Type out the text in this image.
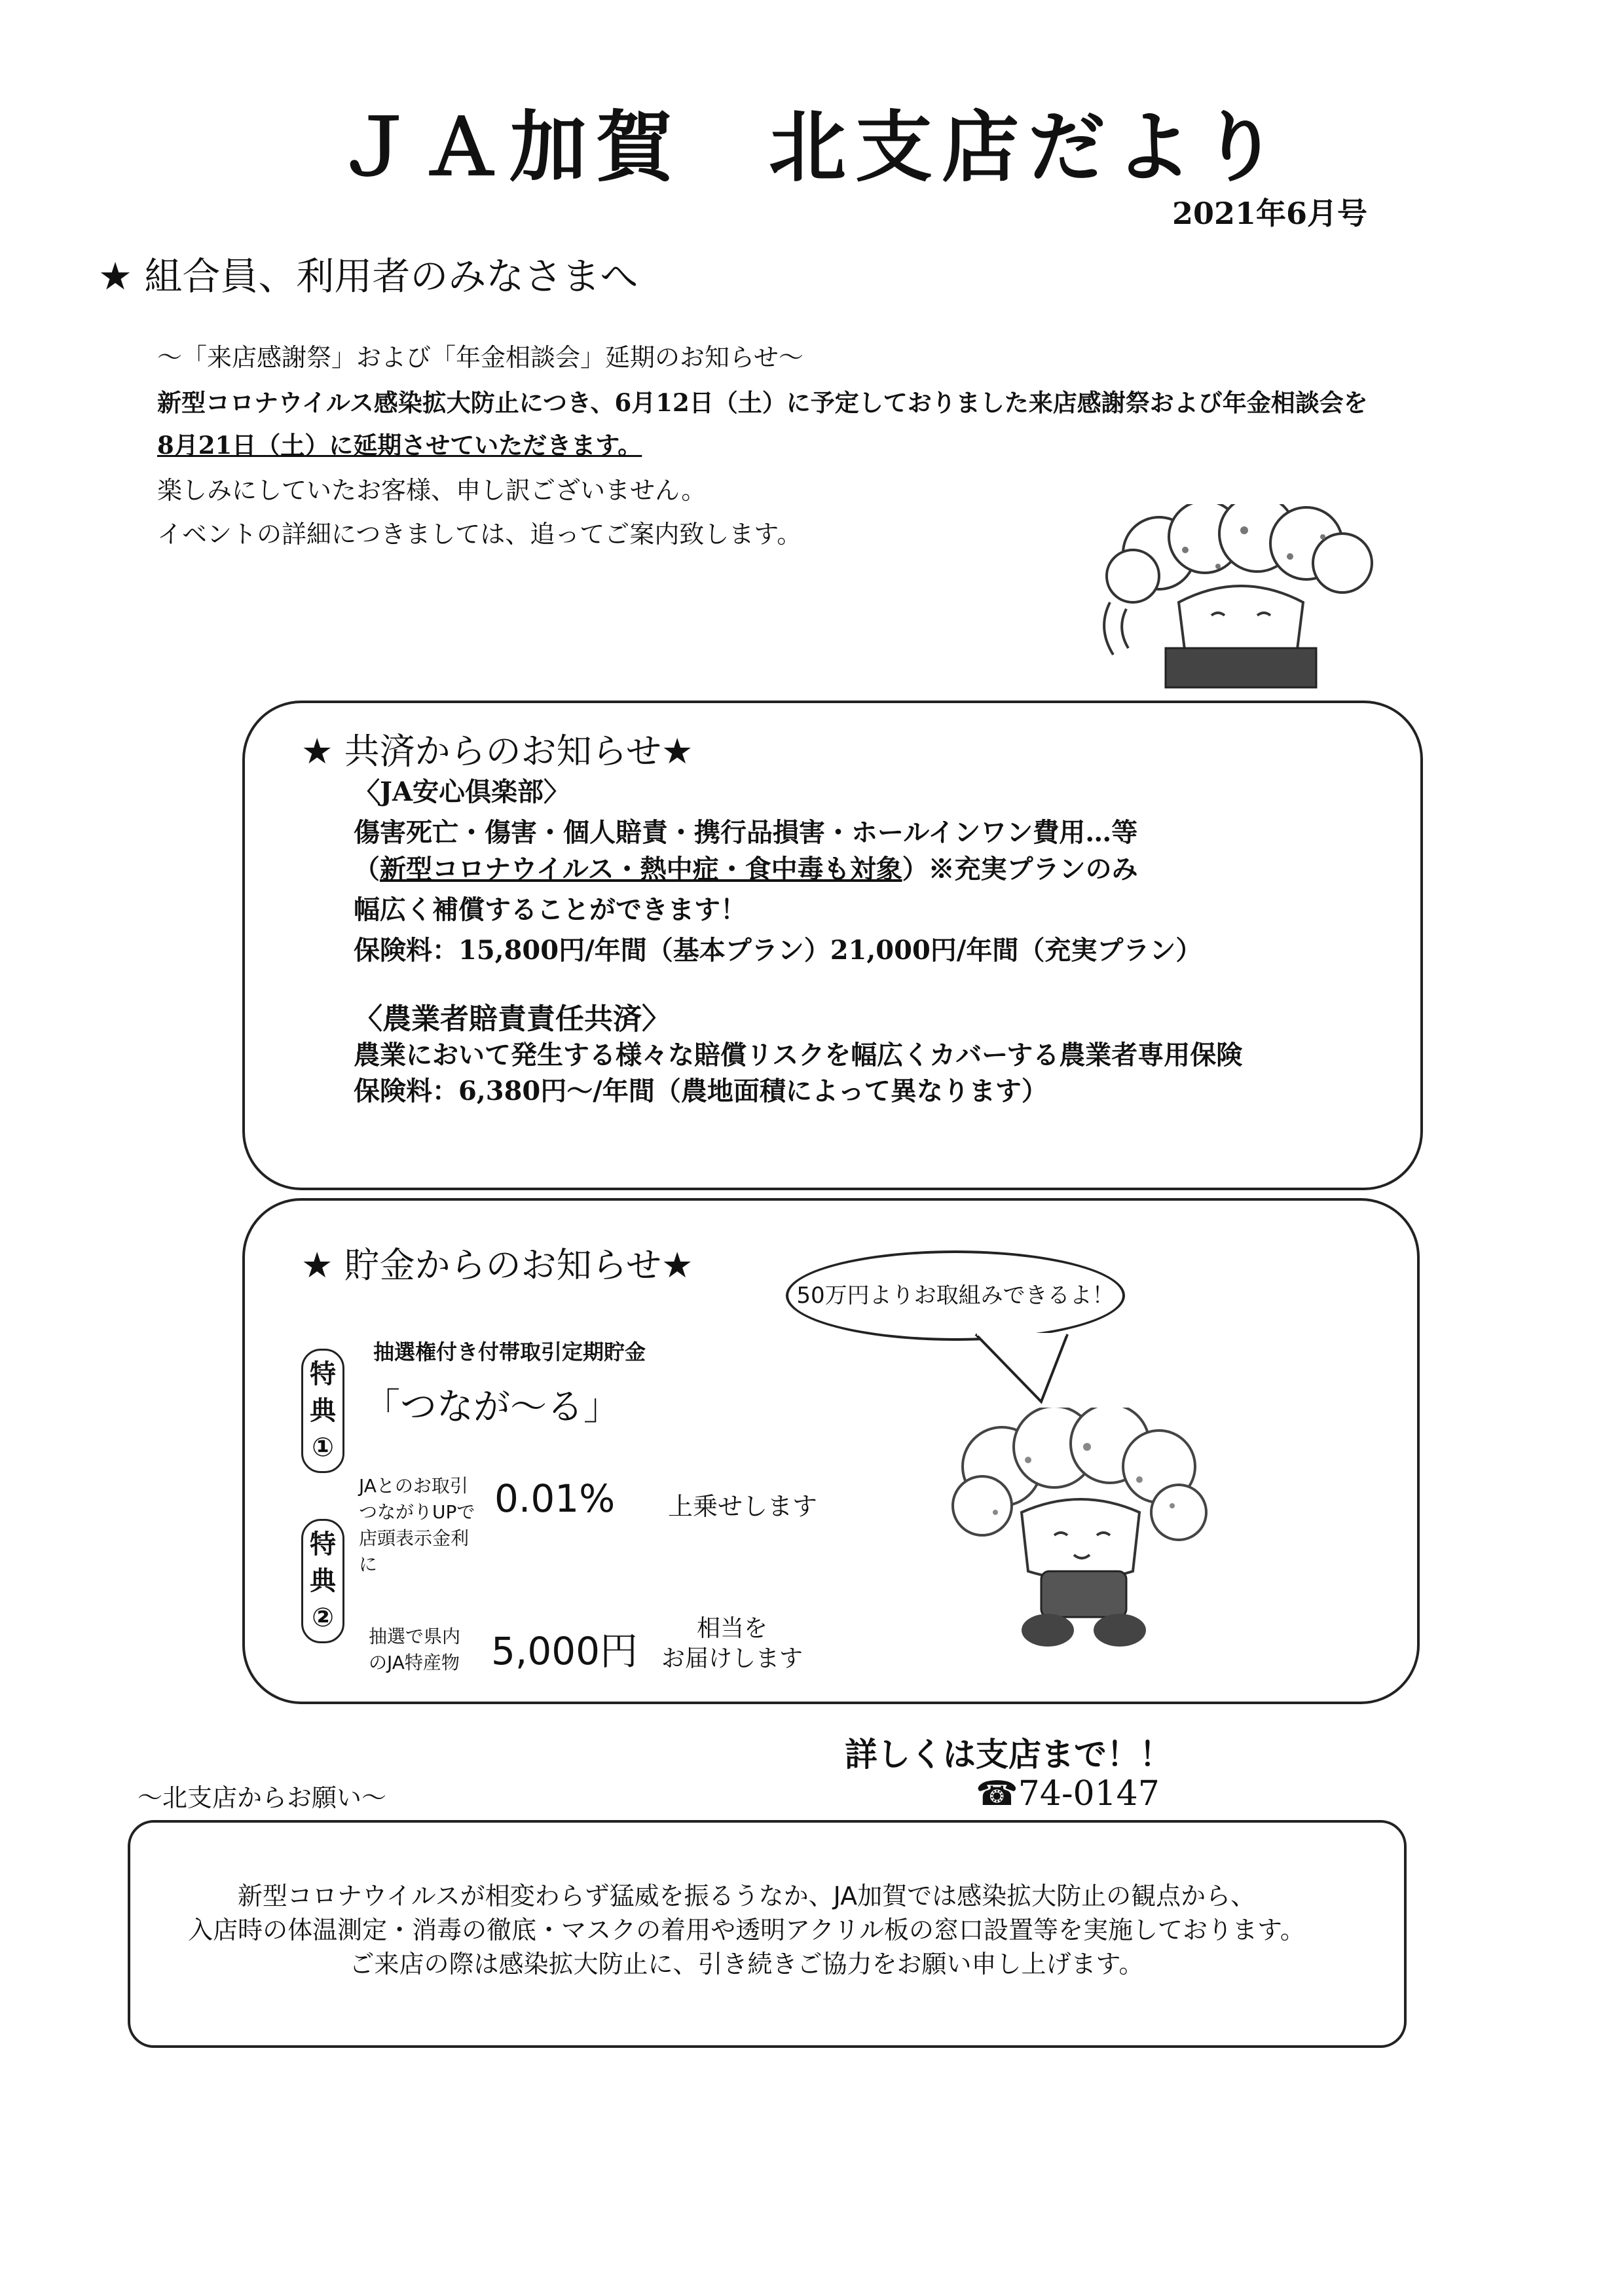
ＪＡ加賀　北支店だより
2021年6月号
★ 組合員、利用者のみなさまへ
～「来店感謝祭」および「年金相談会」延期のお知らせ～
新型コロナウイルス感染拡大防止につき、6月12日（土）に予定しておりました来店感謝祭および年金相談会を
8月21日（土）に延期させていただきます。
楽しみにしていたお客様、申し訳ございません。
イベントの詳細につきましては、追ってご案内致します。
★ 共済からのお知らせ★
〈JA安心倶楽部〉
傷害死亡・傷害・個人賠責・携行品損害・ホールインワン費用…等
（新型コロナウイルス・熱中症・食中毒も対象）※充実プランのみ
幅広く補償することができます！
保険料：15,800円/年間（基本プラン）21,000円/年間（充実プラン）
〈農業者賠責責任共済〉
農業において発生する様々な賠償リスクを幅広くカバーする農業者専用保険
保険料：6,380円～/年間（農地面積によって異なります）
★ 貯金からのお知らせ★
50万円よりお取組みできるよ！
抽選権付き付帯取引定期貯金
「つなが～る」
特
典
①
特
典
②
JAとのお取引
つながりUPで
店頭表示金利
に
0.01% 上乗せします
抽選で県内
のJA特産物 5,000円
相当を
お届けします
詳しくは支店まで！！
☎74-0147
～北支店からお願い～
新型コロナウイルスが相変わらず猛威を振るうなか、JA加賀では感染拡大防止の観点から、
入店時の体温測定・消毒の徹底・マスクの着用や透明アクリル板の窓口設置等を実施しております。
ご来店の際は感染拡大防止に、引き続きご協力をお願い申し上げます。
